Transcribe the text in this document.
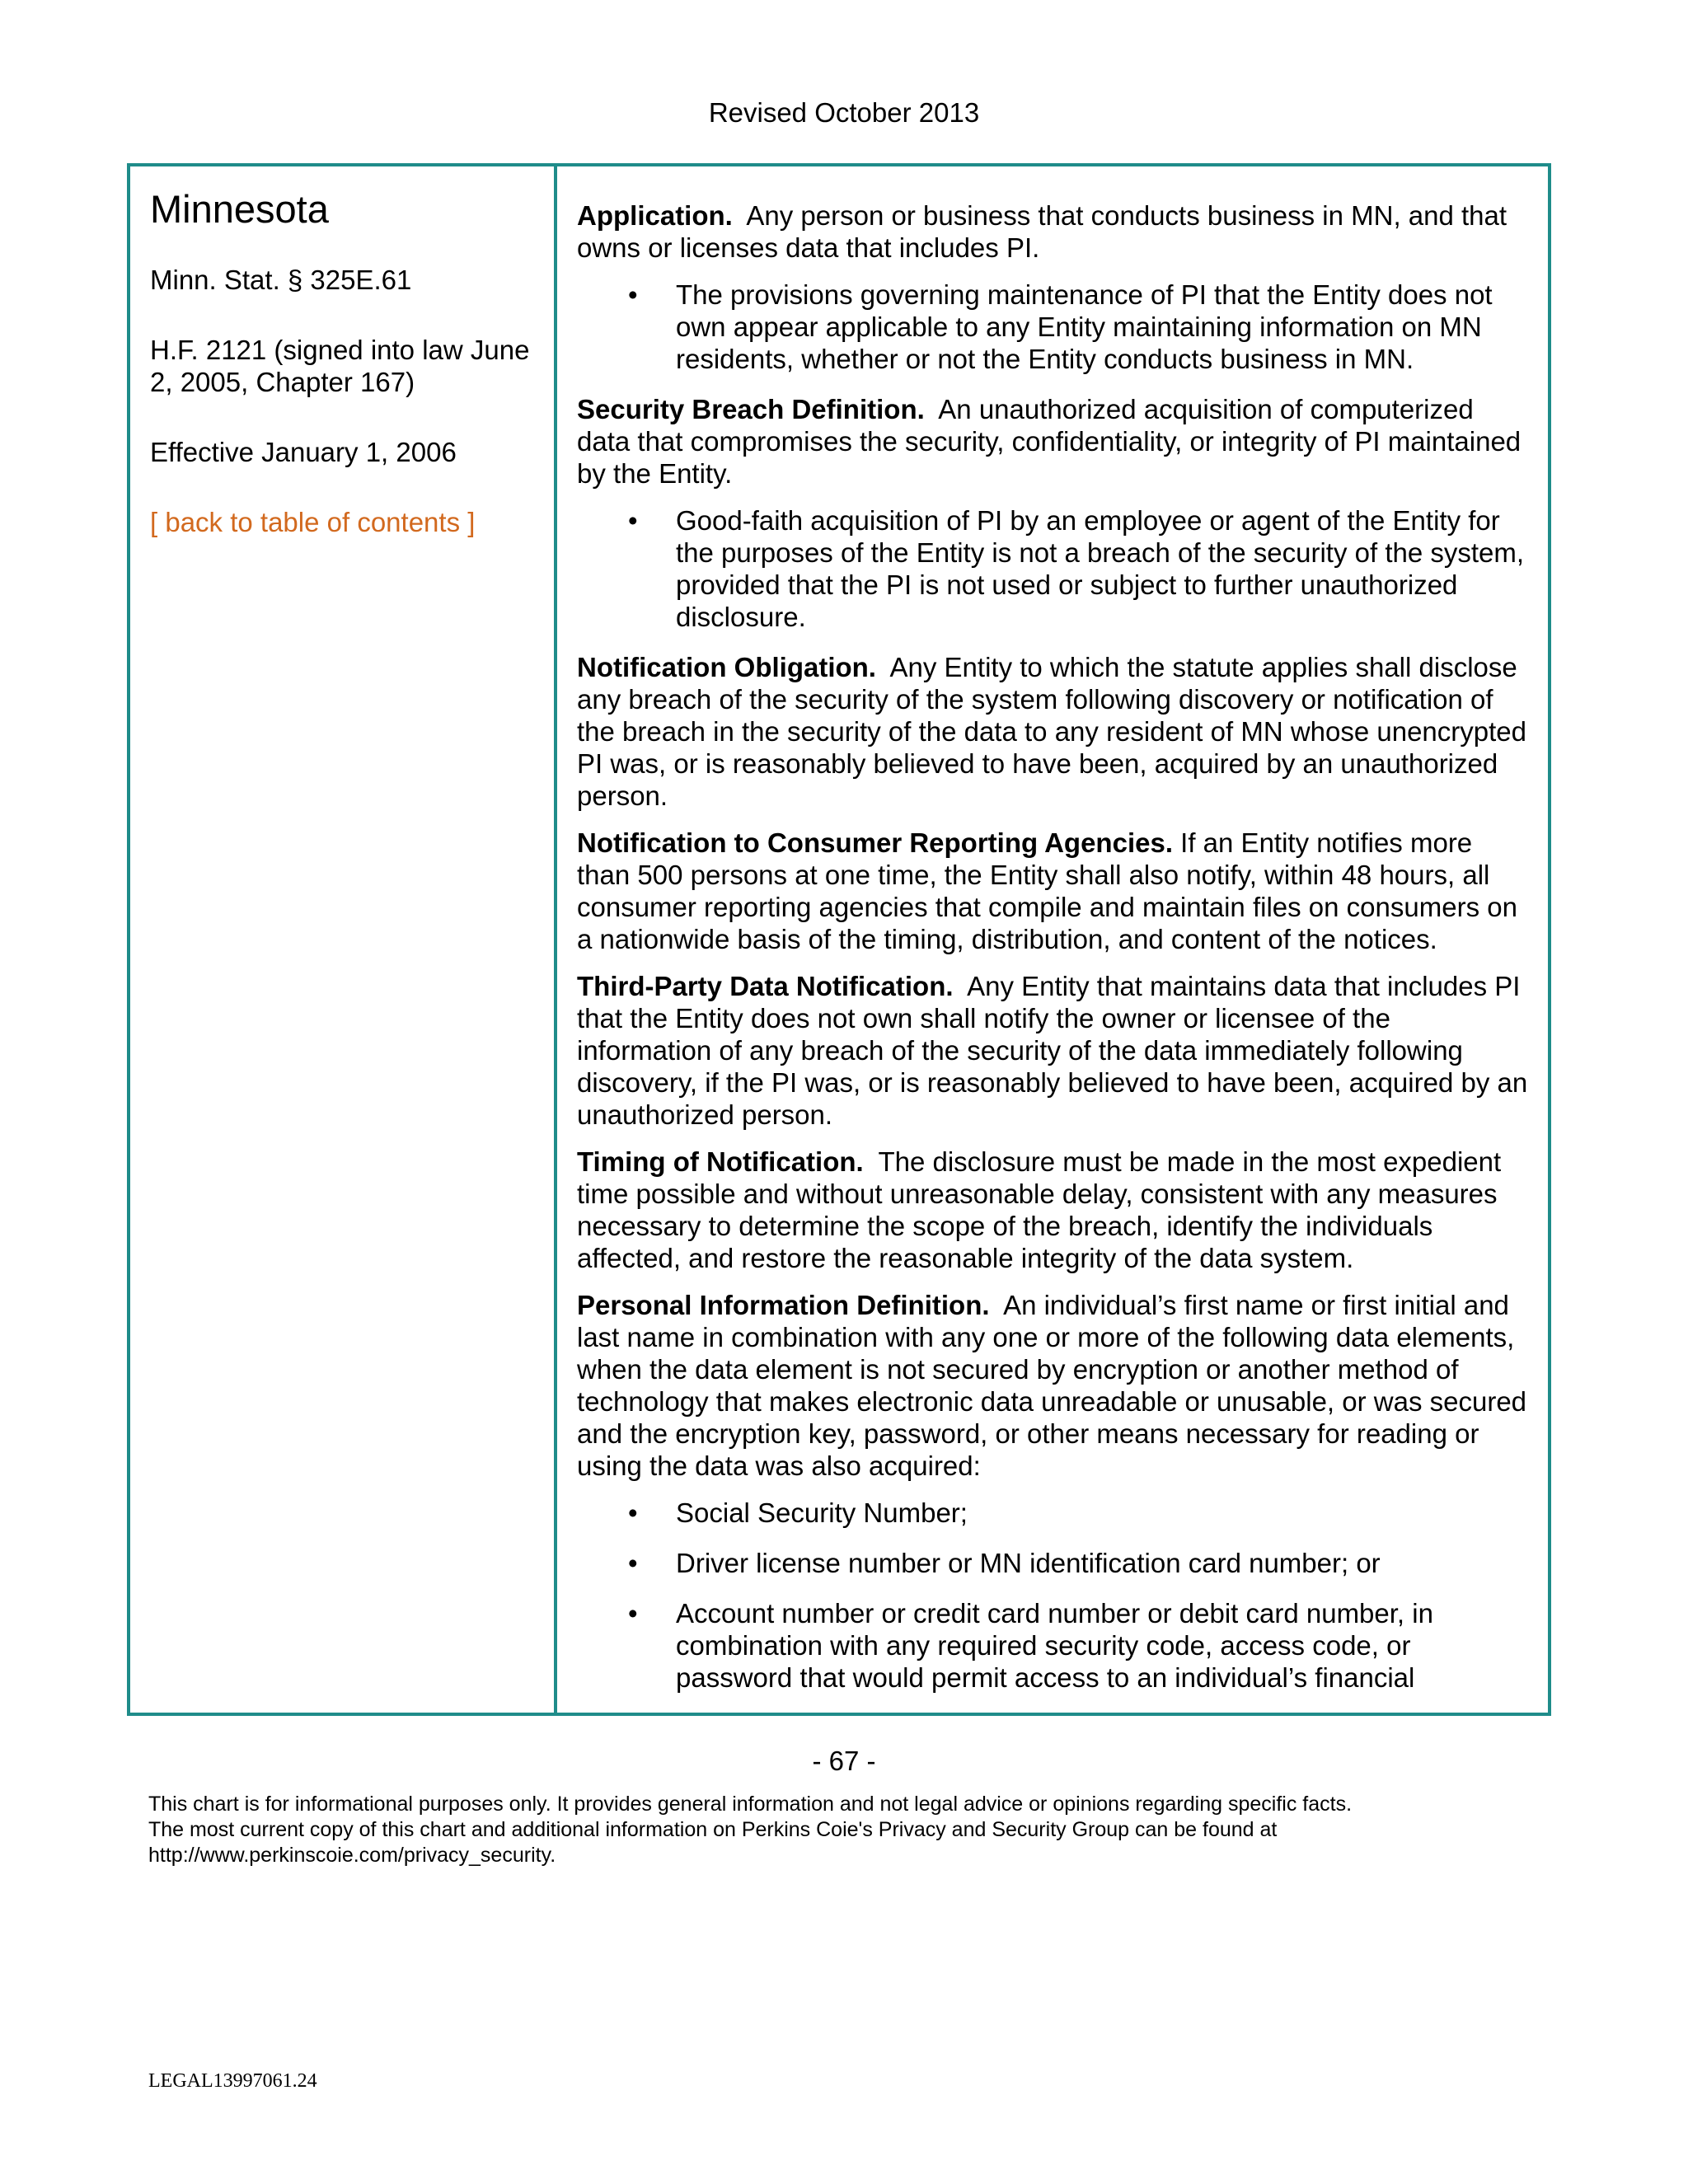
Revised October 2013
Minnesota
Minn. Stat. § 325E.61
H.F. 2121 (signed into law June 2, 2005, Chapter 167)
Effective January 1, 2006
[ back to table of contents ]

Application. Any person or business that conducts business in MN, and that owns or licenses data that includes PI.

• The provisions governing maintenance of PI that the Entity does not own appear applicable to any Entity maintaining information on MN residents, whether or not the Entity conducts business in MN.

Security Breach Definition. An unauthorized acquisition of computerized data that compromises the security, confidentiality, or integrity of PI maintained by the Entity.

• Good-faith acquisition of PI by an employee or agent of the Entity for the purposes of the Entity is not a breach of the security of the system, provided that the PI is not used or subject to further unauthorized disclosure.

Notification Obligation. Any Entity to which the statute applies shall disclose any breach of the security of the system following discovery or notification of the breach in the security of the data to any resident of MN whose unencrypted PI was, or is reasonably believed to have been, acquired by an unauthorized person.

Notification to Consumer Reporting Agencies. If an Entity notifies more than 500 persons at one time, the Entity shall also notify, within 48 hours, all consumer reporting agencies that compile and maintain files on consumers on a nationwide basis of the timing, distribution, and content of the notices.

Third-Party Data Notification. Any Entity that maintains data that includes PI that the Entity does not own shall notify the owner or licensee of the information of any breach of the security of the data immediately following discovery, if the PI was, or is reasonably believed to have been, acquired by an unauthorized person.

Timing of Notification. The disclosure must be made in the most expedient time possible and without unreasonable delay, consistent with any measures necessary to determine the scope of the breach, identify the individuals affected, and restore the reasonable integrity of the data system.

Personal Information Definition. An individual’s first name or first initial and last name in combination with any one or more of the following data elements, when the data element is not secured by encryption or another method of technology that makes electronic data unreadable or unusable, or was secured and the encryption key, password, or other means necessary for reading or using the data was also acquired:

• Social Security Number;
• Driver license number or MN identification card number; or
• Account number or credit card number or debit card number, in combination with any required security code, access code, or password that would permit access to an individual’s financial
- 67 -
This chart is for informational purposes only. It provides general information and not legal advice or opinions regarding specific facts.
The most current copy of this chart and additional information on Perkins Coie's Privacy and Security Group can be found at
http://www.perkinscoie.com/privacy_security.
LEGAL13997061.24
